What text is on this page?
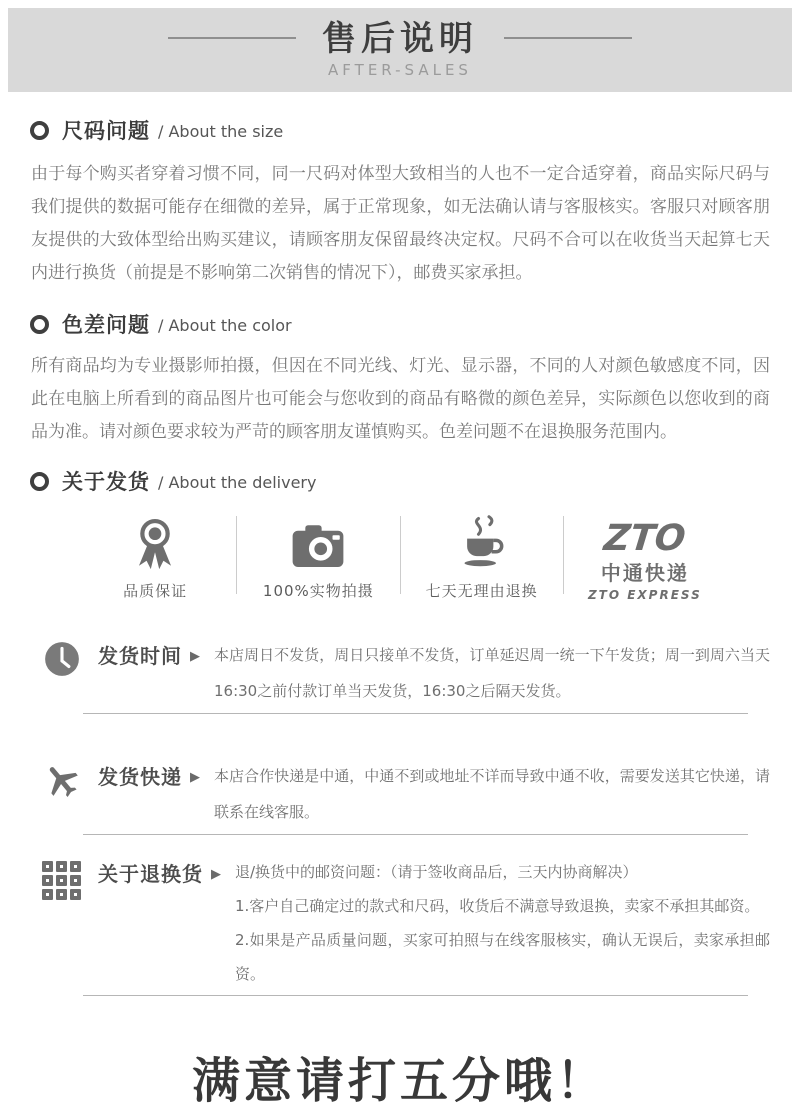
售后说明
AFTER-SALES
尺码问题 / About the size
由于每个购买者穿着习惯不同，同一尺码对体型大致相当的人也不一定合适穿着，商品实际尺码与我们提供的数据可能存在细微的差异，属于正常现象，如无法确认请与客服核实。客服只对顾客朋友提供的大致体型给出购买建议，请顾客朋友保留最终决定权。尺码不合可以在收货当天起算七天内进行换货（前提是不影响第二次销售的情况下），邮费买家承担。
色差问题 / About the color
所有商品均为专业摄影师拍摄，但因在不同光线、灯光、显示器，不同的人对颜色敏感度不同，因此在电脑上所看到的商品图片也可能会与您收到的商品有略微的颜色差异，实际颜色以您收到的商品为准。请对颜色要求较为严苛的顾客朋友谨慎购买。色差问题不在退换服务范围内。
关于发货 / About the delivery
品质保证	100%实物拍摄	七天无理由退换
ZTO
中通快递
ZTO EXPRESS
发货时间 ▶ 本店周日不发货，周日只接单不发货，订单延迟周一统一下午发货；周一到周六当天16:30之前付款订单当天发货，16:30之后隔天发货。
发货快递 ▶ 本店合作快递是中通，中通不到或地址不详而导致中通不收，需要发送其它快递，请联系在线客服。
关于退换货 ▶ 退/换货中的邮资问题：（请于签收商品后，三天内协商解决）
1.客户自己确定过的款式和尺码，收货后不满意导致退换，卖家不承担其邮资。
2.如果是产品质量问题，买家可拍照与在线客服核实，确认无误后，卖家承担邮资。
满意请打五分哦！
